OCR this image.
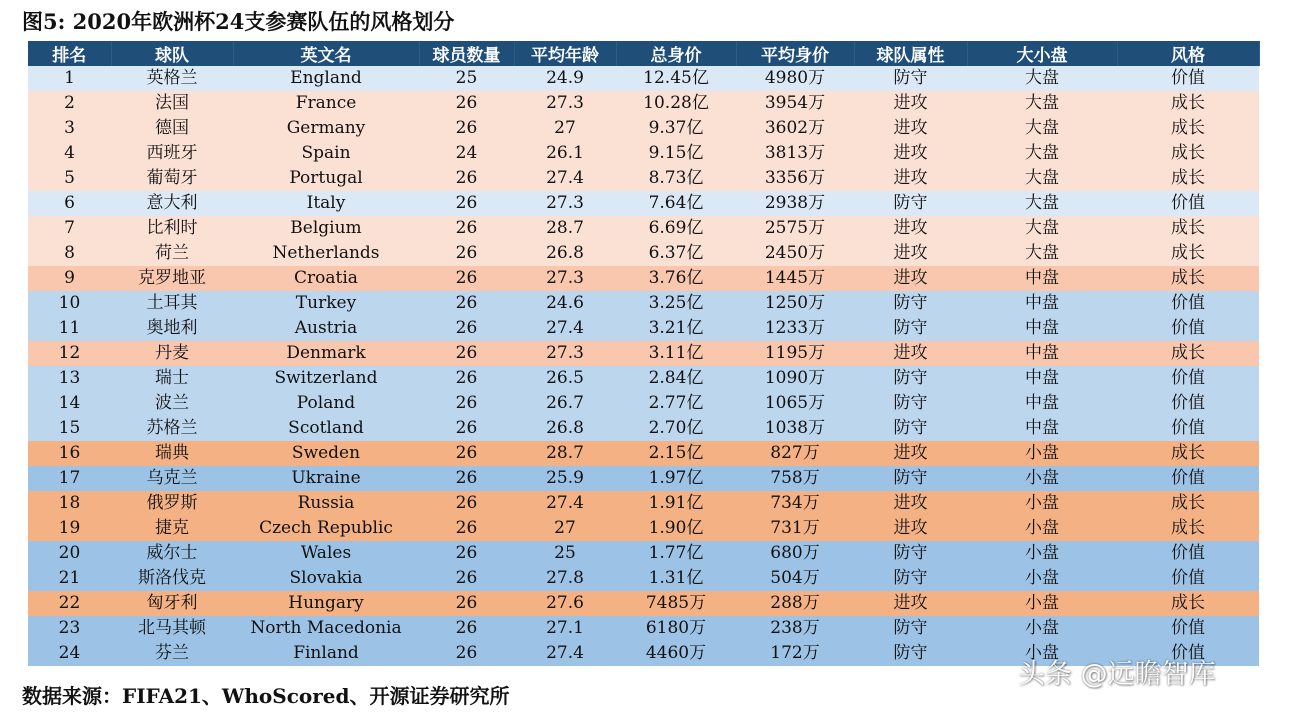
图5: 2020年欧洲杯24支参赛队伍的风格划分
排名	球队	英文名	球员数量	平均年龄	总身价	平均身价	球队属性	大小盘	风格
1	英格兰	England	25	24.9	12.45亿	4980万	防守	大盘	价值
2	法国	France	26	27.3	10.28亿	3954万	进攻	大盘	成长
3	德国	Germany	26	27	9.37亿	3602万	进攻	大盘	成长
4	西班牙	Spain	24	26.1	9.15亿	3813万	进攻	大盘	成长
5	葡萄牙	Portugal	26	27.4	8.73亿	3356万	进攻	大盘	成长
6	意大利	Italy	26	27.3	7.64亿	2938万	防守	大盘	价值
7	比利时	Belgium	26	28.7	6.69亿	2575万	进攻	大盘	成长
8	荷兰	Netherlands	26	26.8	6.37亿	2450万	进攻	大盘	成长
9	克罗地亚	Croatia	26	27.3	3.76亿	1445万	进攻	中盘	成长
10	土耳其	Turkey	26	24.6	3.25亿	1250万	防守	中盘	价值
11	奥地利	Austria	26	27.4	3.21亿	1233万	防守	中盘	价值
12	丹麦	Denmark	26	27.3	3.11亿	1195万	进攻	中盘	成长
13	瑞士	Switzerland	26	26.5	2.84亿	1090万	防守	中盘	价值
14	波兰	Poland	26	26.7	2.77亿	1065万	防守	中盘	价值
15	苏格兰	Scotland	26	26.8	2.70亿	1038万	防守	中盘	价值
16	瑞典	Sweden	26	28.7	2.15亿	827万	进攻	小盘	成长
17	乌克兰	Ukraine	26	25.9	1.97亿	758万	防守	小盘	价值
18	俄罗斯	Russia	26	27.4	1.91亿	734万	进攻	小盘	成长
19	捷克	Czech Republic	26	27	1.90亿	731万	进攻	小盘	成长
20	威尔士	Wales	26	25	1.77亿	680万	防守	小盘	价值
21	斯洛伐克	Slovakia	26	27.8	1.31亿	504万	防守	小盘	价值
22	匈牙利	Hungary	26	27.6	7485万	288万	进攻	小盘	成长
23	北马其顿	North Macedonia	26	27.1	6180万	238万	防守	小盘	价值
24	芬兰	Finland	26	27.4	4460万	172万	防守	小盘	价值
数据来源：FIFA21、WhoScored、开源证券研究所
头条 @远瞻智库
